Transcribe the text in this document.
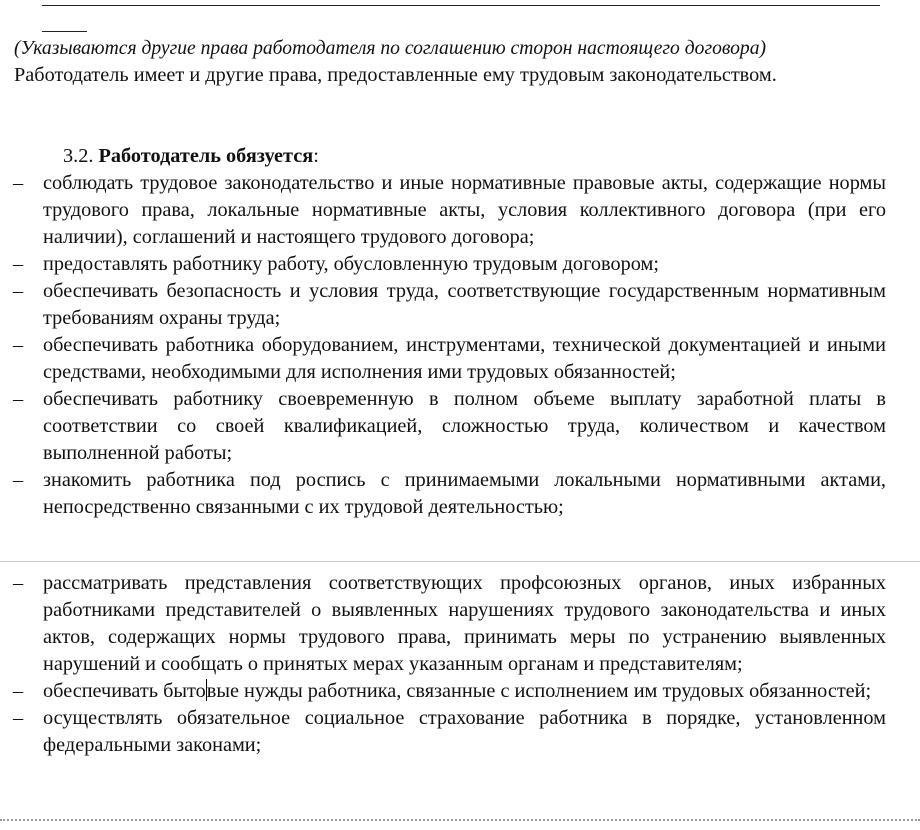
(Указываются другие права работодателя по соглашению сторон настоящего договора)
Работодатель имеет и другие права, предоставленные ему трудовым законодательством.
3.2. Работодатель обязуется:
– соблюдать трудовое законодательство и иные нормативные правовые акты, содержащие нормы трудового права, локальные нормативные акты, условия коллективного договора (при его наличии), соглашений и настоящего трудового договора;
– предоставлять работнику работу, обусловленную трудовым договором;
– обеспечивать безопасность и условия труда, соответствующие государственным нормативным требованиям охраны труда;
– обеспечивать работника оборудованием, инструментами, технической документацией и иными средствами, необходимыми для исполнения ими трудовых обязанностей;
– обеспечивать работнику своевременную в полном объеме выплату заработной платы в соответствии со своей квалификацией, сложностью труда, количеством и качеством выполненной работы;
– знакомить работника под роспись с принимаемыми локальными нормативными актами, непосредственно связанными с их трудовой деятельностью;
– рассматривать представления соответствующих профсоюзных органов, иных избранных работниками представителей о выявленных нарушениях трудового законодательства и иных актов, содержащих нормы трудового права, принимать меры по устранению выявленных нарушений и сообщать о принятых мерах указанным органам и представителям;
– обеспечивать бытовые нужды работника, связанные с исполнением им трудовых обязанностей;
– осуществлять обязательное социальное страхование работника в порядке, установленном федеральными законами;
